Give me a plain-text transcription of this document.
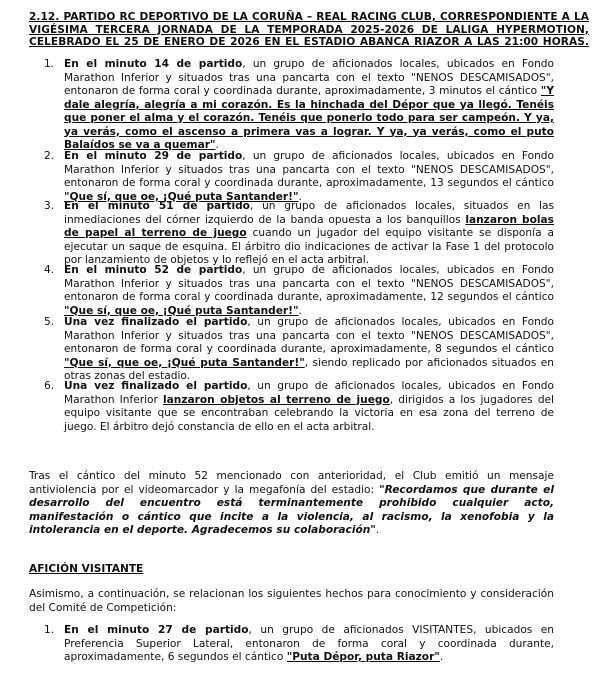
2.12. PARTIDO RC DEPORTIVO DE LA CORUÑA – REAL RACING CLUB, CORRESPONDIENTE A LA VIGÉSIMA TERCERA JORNADA DE LA TEMPORADA 2025-2026 DE LALIGA HYPERMOTION, CELEBRADO EL 25 DE ENERO DE 2026 EN EL ESTADIO ABANCA RIAZOR A LAS 21:00 HORAS.
1. En el minuto 14 de partido, un grupo de aficionados locales, ubicados en Fondo Marathon Inferior y situados tras una pancarta con el texto "NENOS DESCAMISADOS", entonaron de forma coral y coordinada durante, aproximadamente, 3 minutos el cántico "Y dale alegría, alegría a mi corazón. Es la hinchada del Dépor que ya llegó. Tenéis que poner el alma y el corazón. Tenéis que ponerlo todo para ser campeón. Y ya, ya verás, como el ascenso a primera vas a lograr. Y ya, ya verás, como el puto Balaídos se va a quemar".
2. En el minuto 29 de partido, un grupo de aficionados locales, ubicados en Fondo Marathon Inferior y situados tras una pancarta con el texto "NENOS DESCAMISADOS", entonaron de forma coral y coordinada durante, aproximadamente, 13 segundos el cántico "Que sí, que oe, ¡Qué puta Santander!".
3. En el minuto 51 de partido, un grupo de aficionados locales, situados en las inmediaciones del córner izquierdo de la banda opuesta a los banquillos lanzaron bolas de papel al terreno de juego cuando un jugador del equipo visitante se disponía a ejecutar un saque de esquina. El árbitro dio indicaciones de activar la Fase 1 del protocolo por lanzamiento de objetos y lo reflejó en el acta arbitral.
4. En el minuto 52 de partido, un grupo de aficionados locales, ubicados en Fondo Marathon Inferior y situados tras una pancarta con el texto "NENOS DESCAMISADOS", entonaron de forma coral y coordinada durante, aproximadamente, 12 segundos el cántico "Que sí, que oe, ¡Qué puta Santander!".
5. Una vez finalizado el partido, un grupo de aficionados locales, ubicados en Fondo Marathon Inferior y situados tras una pancarta con el texto "NENOS DESCAMISADOS", entonaron de forma coral y coordinada durante, aproximadamente, 8 segundos el cántico "Que sí, que oe, ¡Qué puta Santander!", siendo replicado por aficionados situados en otras zonas del estadio.
6. Una vez finalizado el partido, un grupo de aficionados locales, ubicados en Fondo Marathon Inferior lanzaron objetos al terreno de juego, dirigidos a los jugadores del equipo visitante que se encontraban celebrando la victoria en esa zona del terreno de juego. El árbitro dejó constancia de ello en el acta arbitral.
Tras el cántico del minuto 52 mencionado con anterioridad, el Club emitió un mensaje antiviolencia por el videomarcador y la megafonía del estadio: "Recordamos que durante el desarrollo del encuentro está terminantemente prohibido cualquier acto, manifestación o cántico que incite a la violencia, al racismo, la xenofobia y la intolerancia en el deporte. Agradecemos su colaboración".
AFICIÓN VISITANTE
Asimismo, a continuación, se relacionan los siguientes hechos para conocimiento y consideración del Comité de Competición:
1. En el minuto 27 de partido, un grupo de aficionados VISITANTES, ubicados en Preferencia Superior Lateral, entonaron de forma coral y coordinada durante, aproximadamente, 6 segundos el cántico "Puta Dépor, puta Riazor".
